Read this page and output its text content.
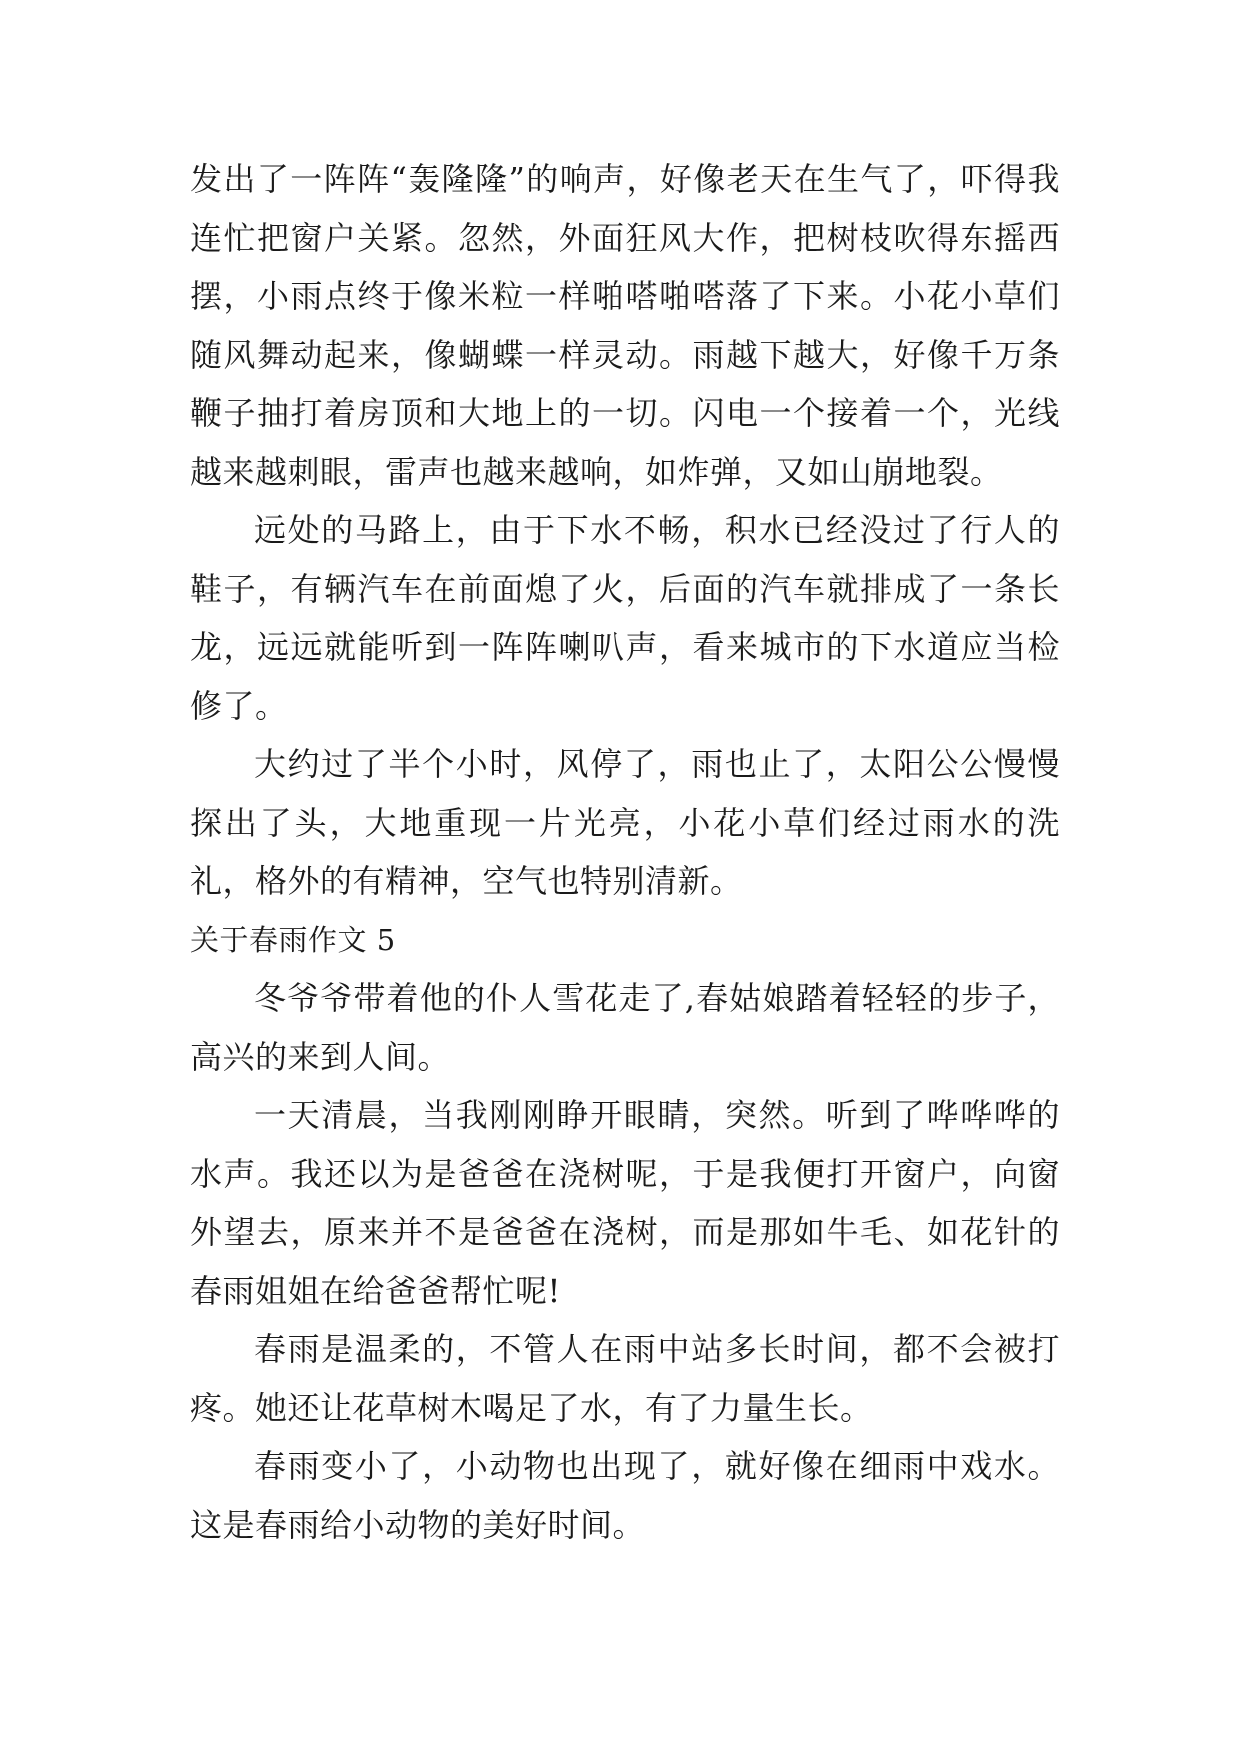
发出了一阵阵“轰隆隆”的响声，好像老天在生气了，吓得我连忙把窗户关紧。忽然，外面狂风大作，把树枝吹得东摇西摆，小雨点终于像米粒一样啪嗒啪嗒落了下来。小花小草们随风舞动起来，像蝴蝶一样灵动。雨越下越大，好像千万条鞭子抽打着房顶和大地上的一切。闪电一个接着一个，光线越来越刺眼，雷声也越来越响，如炸弹，又如山崩地裂。

远处的马路上，由于下水不畅，积水已经没过了行人的鞋子，有辆汽车在前面熄了火，后面的汽车就排成了一条长龙，远远就能听到一阵阵喇叭声，看来城市的下水道应当检修了。

大约过了半个小时，风停了，雨也止了，太阳公公慢慢探出了头，大地重现一片光亮，小花小草们经过雨水的洗礼，格外的有精神，空气也特别清新。

关于春雨作文 5

冬爷爷带着他的仆人雪花走了,春姑娘踏着轻轻的步子，高兴的来到人间。

一天清晨，当我刚刚睁开眼睛，突然。听到了哗哗哗的水声。我还以为是爸爸在浇树呢，于是我便打开窗户，向窗外望去，原来并不是爸爸在浇树，而是那如牛毛、如花针的春雨姐姐在给爸爸帮忙呢!

春雨是温柔的，不管人在雨中站多长时间，都不会被打疼。她还让花草树木喝足了水，有了力量生长。

春雨变小了，小动物也出现了，就好像在细雨中戏水。这是春雨给小动物的美好时间。
